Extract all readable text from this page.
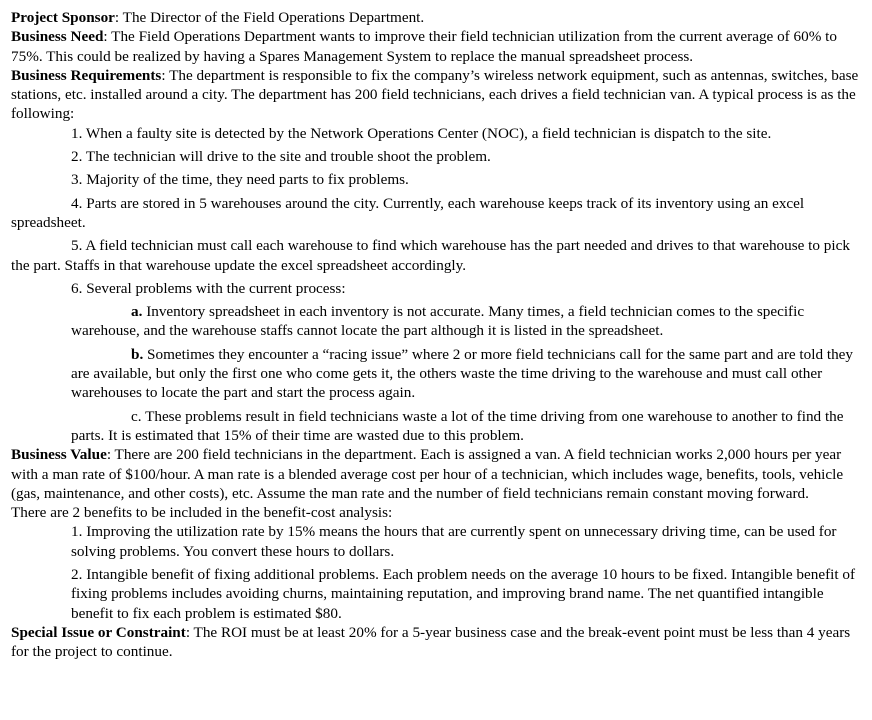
Project Sponsor: The Director of the Field Operations Department.

Business Need: The Field Operations Department wants to improve their field technician utilization from the current average of 60% to 75%. This could be realized by having a Spares Management System to replace the manual spreadsheet process.

Business Requirements: The department is responsible to fix the company’s wireless network equipment, such as antennas, switches, base stations, etc. installed around a city. The department has 200 field technicians, each drives a field technician van. A typical process is as the following:

1. When a faulty site is detected by the Network Operations Center (NOC), a field technician is dispatch to the site.

2. The technician will drive to the site and trouble shoot the problem.

3. Majority of the time, they need parts to fix problems.

4. Parts are stored in 5 warehouses around the city. Currently, each warehouse keeps track of its inventory using an excel spreadsheet.

5. A field technician must call each warehouse to find which warehouse has the part needed and drives to that warehouse to pick the part. Staffs in that warehouse update the excel spreadsheet accordingly.

6. Several problems with the current process:

a. Inventory spreadsheet in each inventory is not accurate. Many times, a field technician comes to the specific warehouse, and the warehouse staffs cannot locate the part although it is listed in the spreadsheet.

b. Sometimes they encounter a “racing issue” where 2 or more field technicians call for the same part and are told they are available, but only the first one who come gets it, the others waste the time driving to the warehouse and must call other warehouses to locate the part and start the process again.

c. These problems result in field technicians waste a lot of the time driving from one warehouse to another to find the parts. It is estimated that 15% of their time are wasted due to this problem.

Business Value: There are 200 field technicians in the department. Each is assigned a van. A field technician works 2,000 hours per year with a man rate of $100/hour. A man rate is a blended average cost per hour of a technician, which includes wage, benefits, tools, vehicle (gas, maintenance, and other costs), etc. Assume the man rate and the number of field technicians remain constant moving forward.

There are 2 benefits to be included in the benefit-cost analysis:

1. Improving the utilization rate by 15% means the hours that are currently spent on unnecessary driving time, can be used for solving problems. You convert these hours to dollars.

2. Intangible benefit of fixing additional problems. Each problem needs on the average 10 hours to be fixed. Intangible benefit of fixing problems includes avoiding churns, maintaining reputation, and improving brand name. The net quantified intangible benefit to fix each problem is estimated $80.

Special Issue or Constraint: The ROI must be at least 20% for a 5-year business case and the break-event point must be less than 4 years for the project to continue.
